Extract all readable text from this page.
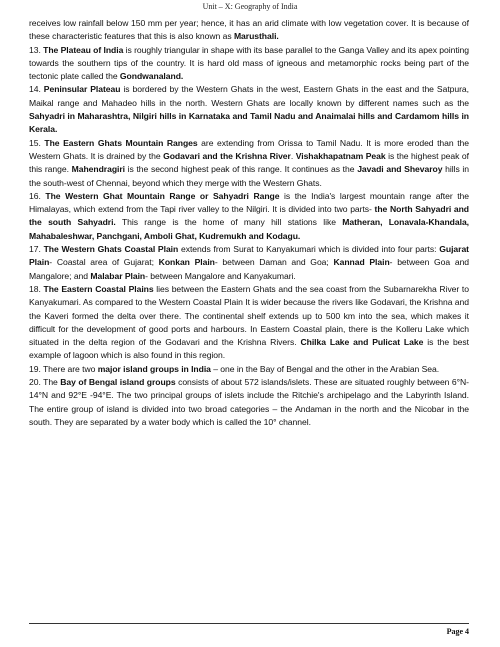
Unit – X: Geography of India

receives low rainfall below 150 mm per year; hence, it has an arid climate with low vegetation cover. It is because of these characteristic features that this is also known as Marusthali.

13. The Plateau of India is roughly triangular in shape with its base parallel to the Ganga Valley and its apex pointing towards the southern tips of the country. It is hard old mass of igneous and metamorphic rocks being part of the tectonic plate called the Gondwanaland.

14. Peninsular Plateau is bordered by the Western Ghats in the west, Eastern Ghats in the east and the Satpura, Maikal range and Mahadeo hills in the north. Western Ghats are locally known by different names such as the Sahyadri in Maharashtra, Nilgiri hills in Karnataka and Tamil Nadu and Anaimalai hills and Cardamom hills in Kerala.

15. The Eastern Ghats Mountain Ranges are extending from Orissa to Tamil Nadu. It is more eroded than the Western Ghats. It is drained by the Godavari and the Krishna River. Vishakhapatnam Peak is the highest peak of this range. Mahendragiri is the second highest peak of this range. It continues as the Javadi and Shevaroy hills in the south-west of Chennai, beyond which they merge with the Western Ghats.

16. The Western Ghat Mountain Range or Sahyadri Range is the India's largest mountain range after the Himalayas, which extend from the Tapi river valley to the Nilgiri. It is divided into two parts- the North Sahyadri and the south Sahyadri. This range is the home of many hill stations like Matheran, Lonavala-Khandala, Mahabaleshwar, Panchgani, Amboli Ghat, Kudremukh and Kodagu.

17. The Western Ghats Coastal Plain extends from Surat to Kanyakumari which is divided into four parts: Gujarat Plain- Coastal area of Gujarat; Konkan Plain- between Daman and Goa; Kannad Plain- between Goa and Mangalore; and Malabar Plain- between Mangalore and Kanyakumari.

18. The Eastern Coastal Plains lies between the Eastern Ghats and the sea coast from the Subarnarekha River to Kanyakumari. As compared to the Western Coastal Plain It is wider because the rivers like Godavari, the Krishna and the Kaveri formed the delta over there. The continental shelf extends up to 500 km into the sea, which makes it difficult for the development of good ports and harbours. In Eastern Coastal plain, there is the Kolleru Lake which situated in the delta region of the Godavari and the Krishna Rivers. Chilka Lake and Pulicat Lake is the best example of lagoon which is also found in this region.

19. There are two major island groups in India – one in the Bay of Bengal and the other in the Arabian Sea.

20. The Bay of Bengal island groups consists of about 572 islands/islets. These are situated roughly between 6°N-14°N and 92°E -94°E. The two principal groups of islets include the Ritchie's archipelago and the Labyrinth Island. The entire group of island is divided into two broad categories – the Andaman in the north and the Nicobar in the south. They are separated by a water body which is called the 10° channel.

Page 4
